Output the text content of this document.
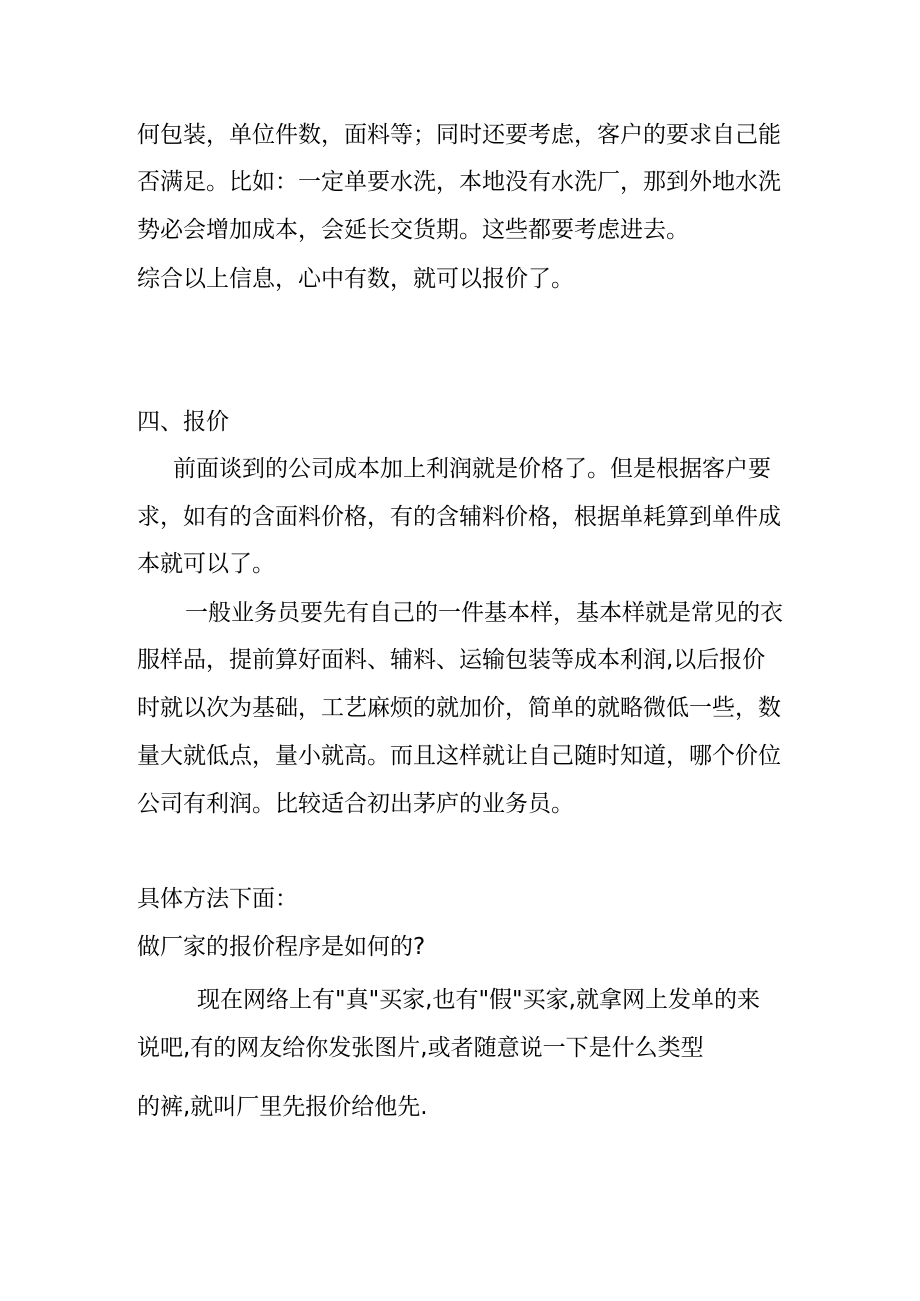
何包装，单位件数，面料等；同时还要考虑，客户的要求自己能

否满足。比如：一定单要水洗，本地没有水洗厂，那到外地水洗

势必会增加成本，会延长交货期。这些都要考虑进去。

综合以上信息，心中有数，就可以报价了。

四、报价

前面谈到的公司成本加上利润就是价格了。但是根据客户要

求，如有的含面料价格，有的含辅料价格，根据单耗算到单件成

本就可以了。

一般业务员要先有自己的一件基本样，基本样就是常见的衣

服样品，提前算好面料、辅料、运输包装等成本利润,以后报价

时就以次为基础，工艺麻烦的就加价，简单的就略微低一些，数

量大就低点，量小就高。而且这样就让自己随时知道，哪个价位

公司有利润。比较适合初出茅庐的业务员。

具体方法下面：

做厂家的报价程序是如何的?

现在网络上有"真"买家,也有"假"买家,就拿网上发单的来

说吧,有的网友给你发张图片,或者随意说一下是什么类型

的裤,就叫厂里先报价给他先.
